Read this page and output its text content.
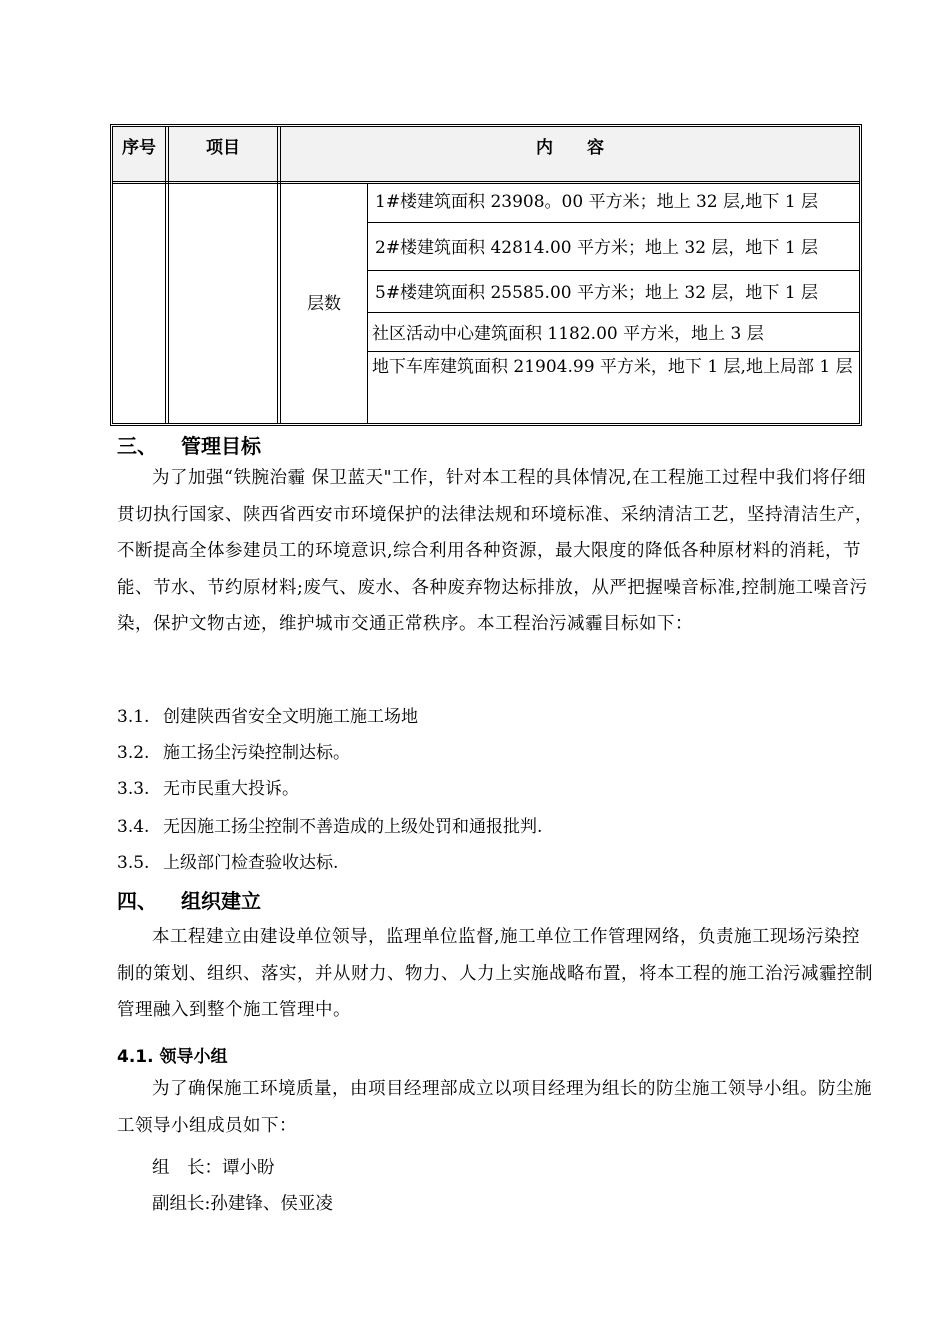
序号	项目	内　　容
层数
1#楼建筑面积 23908。00 平方米；地上 32 层,地下 1 层
2#楼建筑面积 42814.00 平方米；地上 32 层，地下 1 层
5#楼建筑面积 25585.00 平方米；地上 32 层，地下 1 层
社区活动中心建筑面积 1182.00 平方米，地上 3 层
地下车库建筑面积 21904.99 平方米，地下 1 层,地上局部 1 层
三、 管理目标
为了加强“铁腕治霾 保卫蓝天"工作，针对本工程的具体情况,在工程施工过程中我们将仔细贯切执行国家、陕西省西安市环境保护的法律法规和环境标准、采纳清洁工艺，坚持清洁生产，不断提高全体参建员工的环境意识,综合利用各种资源，最大限度的降低各种原材料的消耗，节能、节水、节约原材料;废气、废水、各种废弃物达标排放，从严把握噪音标准,控制施工噪音污染，保护文物古迹，维护城市交通正常秩序。本工程治污减霾目标如下：
3.1. 创建陕西省安全文明施工施工场地
3.2. 施工扬尘污染控制达标。
3.3. 无市民重大投诉。
3.4. 无因施工扬尘控制不善造成的上级处罚和通报批判.
3.5. 上级部门检查验收达标.
四、 组织建立
本工程建立由建设单位领导，监理单位监督,施工单位工作管理网络，负责施工现场污染控制的策划、组织、落实，并从财力、物力、人力上实施战略布置，将本工程的施工治污减霾控制管理融入到整个施工管理中。
4.1. 领导小组
为了确保施工环境质量，由项目经理部成立以项目经理为组长的防尘施工领导小组。防尘施工领导小组成员如下：
组　长：谭小盼
副组长:孙建锋、侯亚凌
